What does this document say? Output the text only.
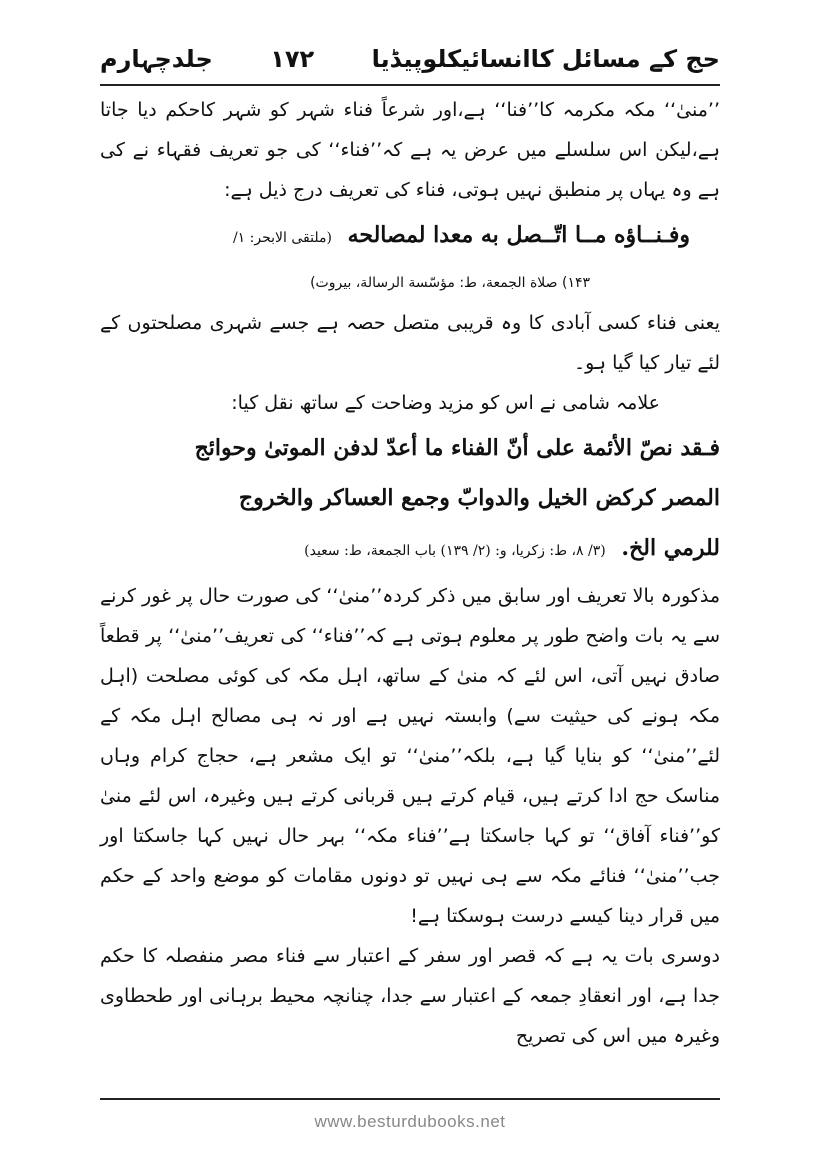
جلدچہارم ۱۷۲ حج کے مسائل کاانسائیکلوپیڈیا

’’منیٰ‘‘ مکہ مکرمہ کا’’فنا‘‘ ہے،اور شرعاً فناء شہر کو شہر کاحکم دیا جاتا ہے،لیکن اس سلسلے میں عرض یہ ہے کہ’’فناء‘‘ کی جو تعریف فقہاء نے کی ہے وہ یہاں پر منطبق نہیں ہوتی، فناء کی تعریف درج ذیل ہے:

وفـنــاؤه مــا اتّــصل به معدا لمصالحه (ملتقی الابحر: ۱/

۱۴۳) صلاة الجمعة، ط: مؤسّسة الرسالة، بيروت)

یعنی فناء کسی آبادی کا وہ قریبی متصل حصہ ہے جسے شہری مصلحتوں کے لئے تیار کیا گیا ہو۔

علامہ شامی نے اس کو مزید وضاحت کے ساتھ نقل کیا:

فـقد نصّ الأئمة على أنّ الفناء ما أعدّ لدفن الموتىٰ وحوائج

المصر كركض الخيل والدوابّ وجمع العساكر والخروج

للرمي الخ. (۳/ ۸، ط: زکریا، و: (۲/ ۱۳۹) باب الجمعة، ط: سعيد)

مذکورہ بالا تعریف اور سابق میں ذکر کردہ’’منیٰ‘‘ کی صورت حال پر غور کرنے سے یہ بات واضح طور پر معلوم ہوتی ہے کہ’’فناء‘‘ کی تعریف’’منیٰ‘‘ پر قطعاً صادق نہیں آتی، اس لئے کہ منیٰ کے ساتھ، اہل مکہ کی کوئی مصلحت (اہل مکہ ہونے کی حیثیت سے) وابستہ نہیں ہے اور نہ ہی مصالح اہل مکہ کے لئے’’منیٰ‘‘ کو بنایا گیا ہے، بلکہ’’منیٰ‘‘ تو ایک مشعر ہے، حجاج کرام وہاں مناسک حج ادا کرتے ہیں، قیام کرتے ہیں قربانی کرتے ہیں وغیرہ، اس لئے منیٰ کو’’فناء آفاق‘‘ تو کہا جاسکتا ہے’’فناء مکہ‘‘ بہر حال نہیں کہا جاسکتا اور جب’’منیٰ‘‘ فنائے مکہ سے ہی نہیں تو دونوں مقامات کو موضع واحد کے حکم میں قرار دینا کیسے درست ہوسکتا ہے!

دوسری بات یہ ہے کہ قصر اور سفر کے اعتبار سے فناء مصر منفصلہ کا حکم جدا ہے، اور انعقادِ جمعہ کے اعتبار سے جدا، چنانچہ محیط برہانی اور طحطاوی وغیرہ میں اس کی تصریح

www.besturdubooks.net
